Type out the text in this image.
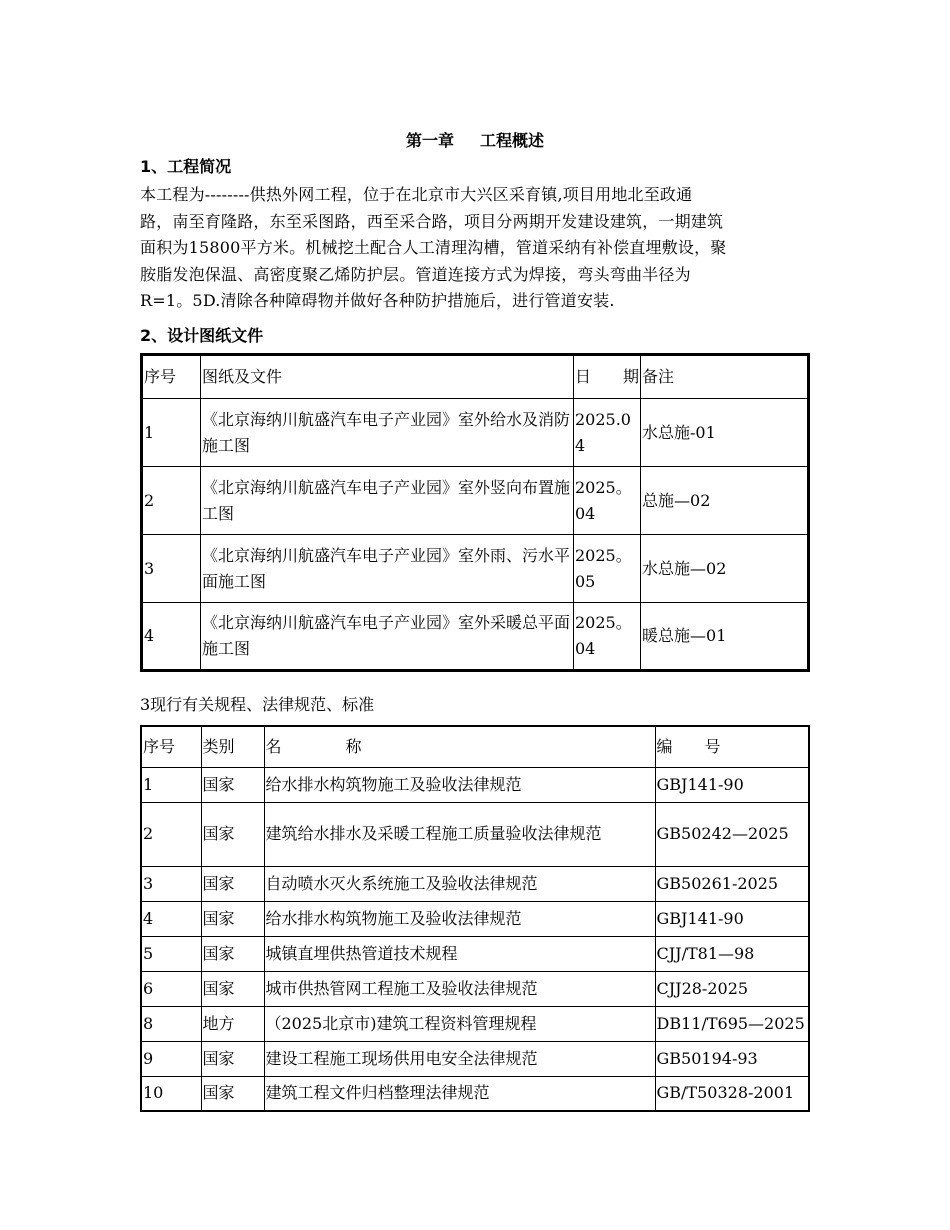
第一章 工程概述
1、工程简况
本工程为--------供热外网工程，位于在北京市大兴区采育镇,项目用地北至政通
路，南至育隆路，东至采图路，西至采合路，项目分两期开发建设建筑，一期建筑
面积为15800平方米。机械挖土配合人工清理沟槽，管道采纳有补偿直埋敷设，聚
胺脂发泡保温、高密度聚乙烯防护层。管道连接方式为焊接，弯头弯曲半径为
R=1。5D.清除各种障碍物并做好各种防护措施后，进行管道安装.
2、设计图纸文件
序号	图纸及文件	日　　期	备注
1	《北京海纳川航盛汽车电子产业园》室外给水及消防施工图	2025.04	水总施-01
2	《北京海纳川航盛汽车电子产业园》室外竖向布置施工图	2025。04	总施—02
3	《北京海纳川航盛汽车电子产业园》室外雨、污水平面施工图	2025。05	水总施—02
4	《北京海纳川航盛汽车电子产业园》室外采暖总平面施工图	2025。04	暖总施—01
3现行有关规程、法律规范、标准
序号	类别	名　　　　称	编　　号
1	国家	给水排水构筑物施工及验收法律规范	GBJ141-90
2	国家	建筑给水排水及采暖工程施工质量验收法律规范	GB50242—2025
3	国家	自动喷水灭火系统施工及验收法律规范	GB50261-2025
4	国家	给水排水构筑物施工及验收法律规范	GBJ141-90
5	国家	城镇直埋供热管道技术规程	CJJ/T81—98
6	国家	城市供热管网工程施工及验收法律规范	CJJ28-2025
8	地方	（2025北京市)建筑工程资料管理规程	DB11/T695—2025
9	国家	建设工程施工现场供用电安全法律规范	GB50194-93
10	国家	建筑工程文件归档整理法律规范	GB/T50328-2001
